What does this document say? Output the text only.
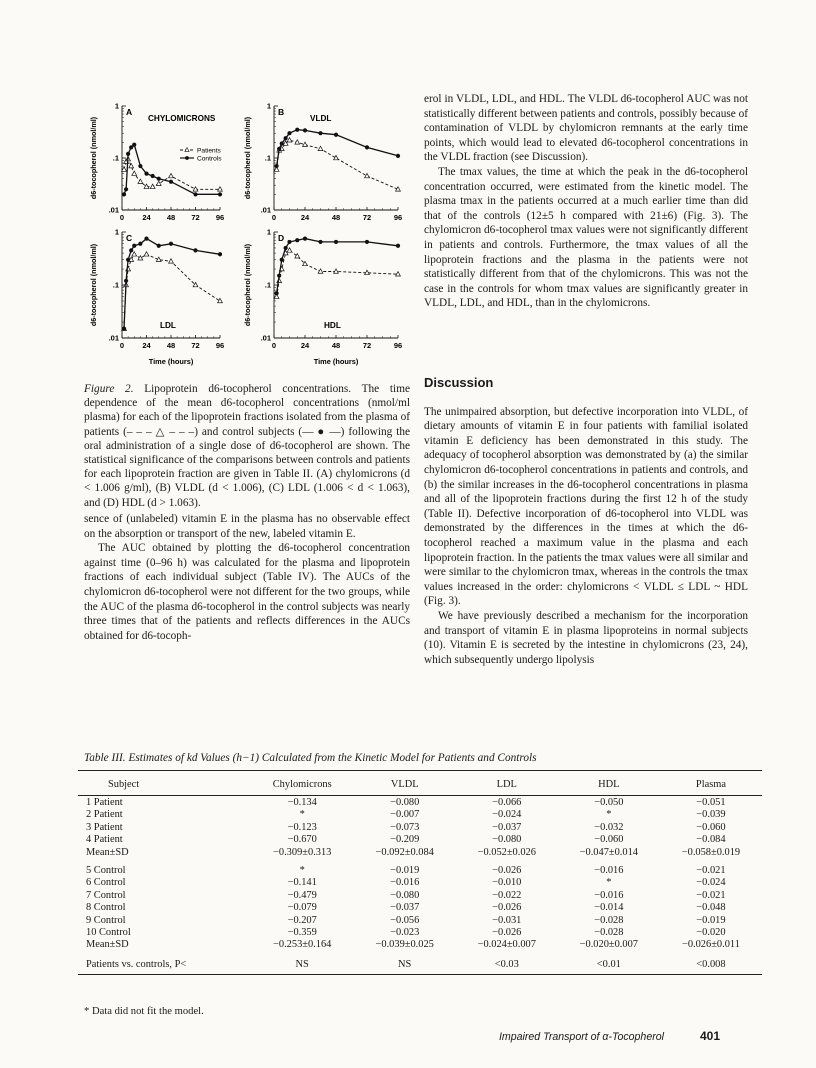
1
.1
.01
0 24 48 72 96
A
CHYLOMICRONS
1
.1
.01
0	24	48	72	96
B
VLDL
1
.1
.01
0 24 48 72 96
C
LDL
1
.1
.01
0	24	48	72	96
D
HDL
Patients
Controls
d6-tocopherol (nmol/ml)
d6-tocopherol (nmol/ml)
d6-tocopherol (nmol/ml)
d6-tocopherol (nmol/ml)
Time (hours)	Time (hours)
Figure 2. Lipoprotein d6-tocopherol concentrations. The time dependence of the mean d6-tocopherol concentrations (nmol/ml plasma) for each of the lipoprotein fractions isolated from the plasma of patients (– – – △ – – –) and control subjects (— ● —) following the oral administration of a single dose of d6-tocopherol are shown. The statistical significance of the comparisons between controls and patients for each lipoprotein fraction are given in Table II. (A) chylomicrons (d < 1.006 g/ml), (B) VLDL (d < 1.006), (C) LDL (1.006 < d < 1.063), and (D) HDL (d > 1.063).

sence of (unlabeled) vitamin E in the plasma has no observable effect on the absorption or transport of the new, labeled vitamin E.

The AUC obtained by plotting the d6-tocopherol concentration against time (0–96 h) was calculated for the plasma and lipoprotein fractions of each individual subject (Table IV). The AUCs of the chylomicron d6-tocopherol were not different for the two groups, while the AUC of the plasma d6-tocopherol in the control subjects was nearly three times that of the patients and reflects differences in the AUCs obtained for d6-tocoph-

erol in VLDL, LDL, and HDL. The VLDL d6-tocopherol AUC was not statistically different between patients and controls, possibly because of contamination of VLDL by chylomicron remnants at the early time points, which would lead to elevated d6-tocopherol concentrations in the VLDL fraction (see Discussion).

The tmax values, the time at which the peak in the d6-tocopherol concentration occurred, were estimated from the kinetic model. The plasma tmax in the patients occurred at a much earlier time than did that of the controls (12±5 h compared with 21±6) (Fig. 3). The chylomicron d6-tocopherol tmax values were not significantly different in patients and controls. Furthermore, the tmax values of all the lipoprotein fractions and the plasma in the patients were not statistically different from that of the chylomicrons. This was not the case in the controls for whom tmax values are significantly greater in VLDL, LDL, and HDL, than in the chylomicrons.

Discussion

The unimpaired absorption, but defective incorporation into VLDL, of dietary amounts of vitamin E in four patients with familial isolated vitamin E deficiency has been demonstrated in this study. The adequacy of tocopherol absorption was demonstrated by (a) the similar chylomicron d6-tocopherol concentrations in patients and controls, and (b) the similar increases in the d6-tocopherol concentrations in plasma and all of the lipoprotein fractions during the first 12 h of the study (Table II). Defective incorporation of d6-tocopherol into VLDL was demonstrated by the differences in the times at which the d6-tocopherol reached a maximum value in the plasma and each lipoprotein fraction. In the patients the tmax values were all similar and were similar to the chylomicron tmax, whereas in the controls the tmax values increased in the order: chylomicrons < VLDL ≤ LDL ~ HDL (Fig. 3).

We have previously described a mechanism for the incorporation and transport of vitamin E in plasma lipoproteins in normal subjects (10). Vitamin E is secreted by the intestine in chylomicrons (23, 24), which subsequently undergo lipolysis

Table III. Estimates of kd Values (h−1) Calculated from the Kinetic Model for Patients and Controls
Subject	Chylomicrons	VLDL	LDL	HDL	Plasma
1 Patient	−0.134	−0.080	−0.066	−0.050	−0.051
2 Patient	*	−0.007	−0.024	*	−0.039
3 Patient	−0.123	−0.073	−0.037	−0.032	−0.060
4 Patient	−0.670	−0.209	−0.080	−0.060	−0.084
Mean±SD	−0.309±0.313	−0.092±0.084	−0.052±0.026	−0.047±0.014	−0.058±0.019
5 Control	*	−0.019	−0.026	−0.016	−0.021
6 Control	−0.141	−0.016	−0.010	*	−0.024
7 Control	−0.479	−0.080	−0.022	−0.016	−0.021
8 Control	−0.079	−0.037	−0.026	−0.014	−0.048
9 Control	−0.207	−0.056	−0.031	−0.028	−0.019
10 Control	−0.359	−0.023	−0.026	−0.028	−0.020
Mean±SD	−0.253±0.164	−0.039±0.025	−0.024±0.007	−0.020±0.007	−0.026±0.011
Patients vs. controls, P<	NS	NS	<0.03	<0.01	<0.008
* Data did not fit the model.
Impaired Transport of α-Tocopherol	401
